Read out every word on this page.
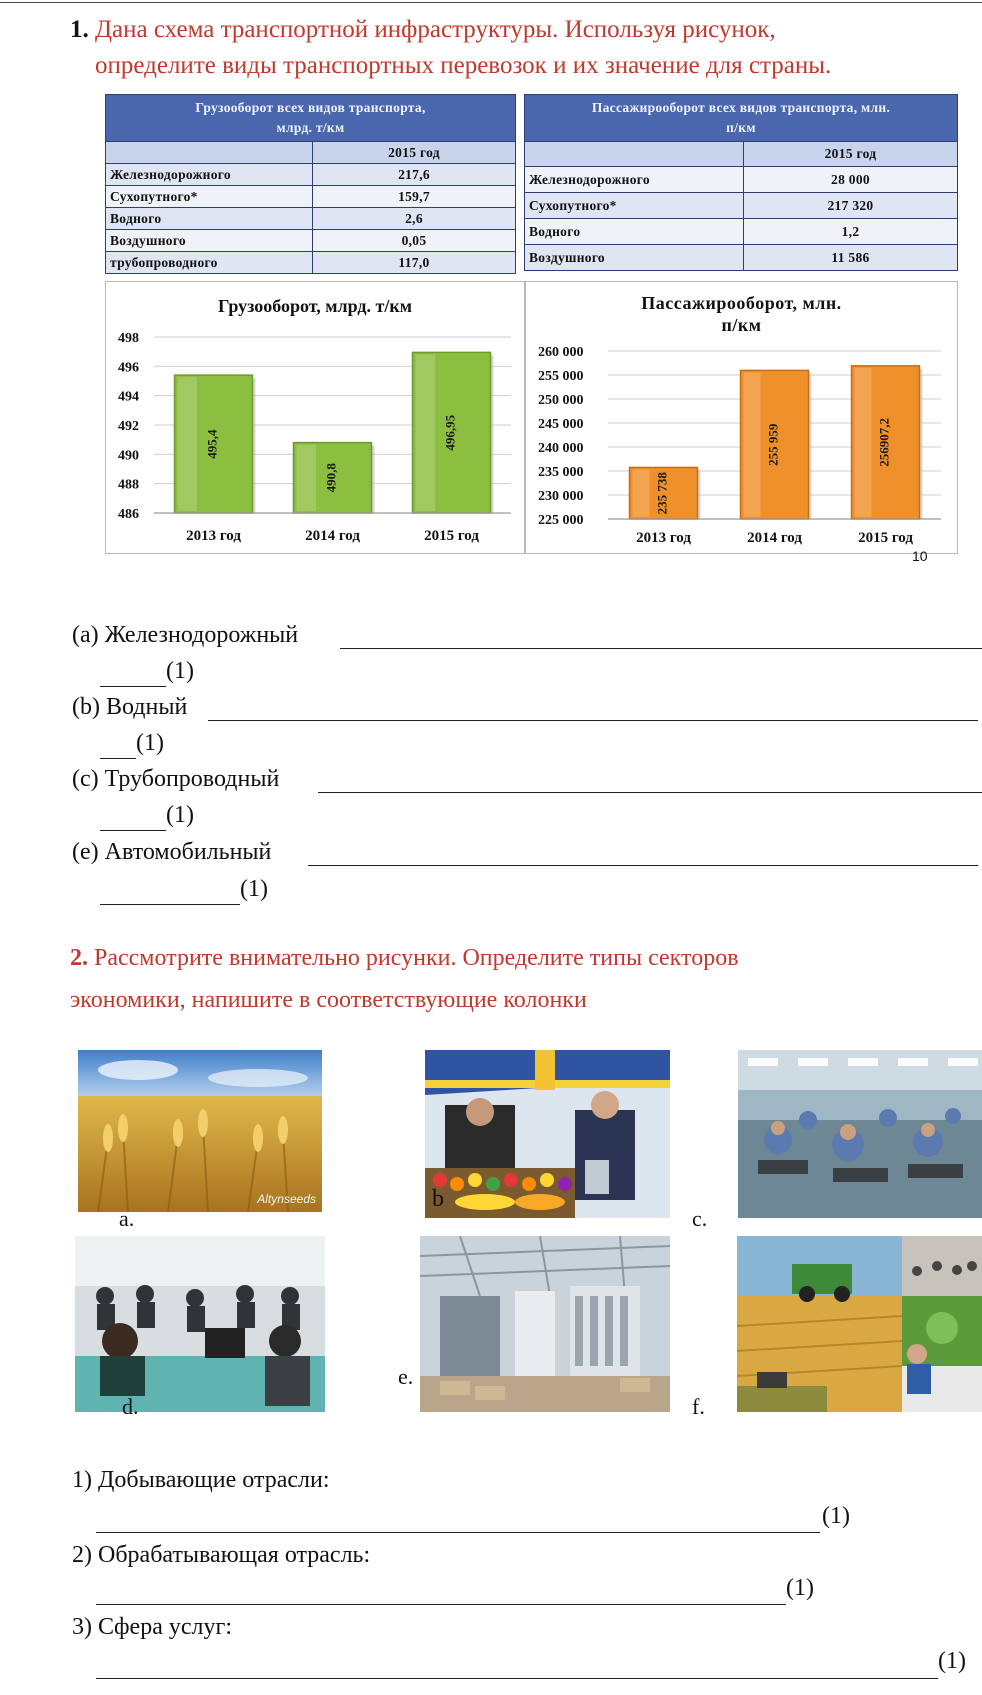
1. Дана схема транспортной инфраструктуры. Используя рисунок,
определите виды транспортных перевозок и их значение для страны.
Грузооборот всех видов транспорта,
млрд. т/км	

	2015 год
Железнодорожного	217,6
Сухопутного*	159,7
Водного	2,6
Воздушного	0,05
трубопроводного	117,0
Пассажирооборот всех видов транспорта, млн.
п/км	

	2015 год
Железнодорожного	28 000
Сухопутного*	217 320
Водного	1,2
Воздушного	11 586
Грузооборот, млрд. т/км
486
488
490
492
494
496
498
495,4
2013 год
490,8
2014 год
496,95
2015 год
Пассажирооборот, млн.
п/км
225 000
230 000
235 000
240 000
245 000
250 000
255 000
260 000
235 738
2013 год
255 959
2014 год
256907,2
2015 год
10
(a) Железнодорожный
(1)
(b) Водный
(1)
(c) Трубопроводный
(1)
(e) Автомобильный
(1)
2. Рассмотрите внимательно рисунки. Определите типы секторов
экономики, напишите в соответствующие колонки
Altynseeds
a.
b
c.
d.
e.
f.
1) Добывающие отрасли:
(1)
2) Обрабатывающая отрасль:
(1)
3) Сфера услуг:
(1)
